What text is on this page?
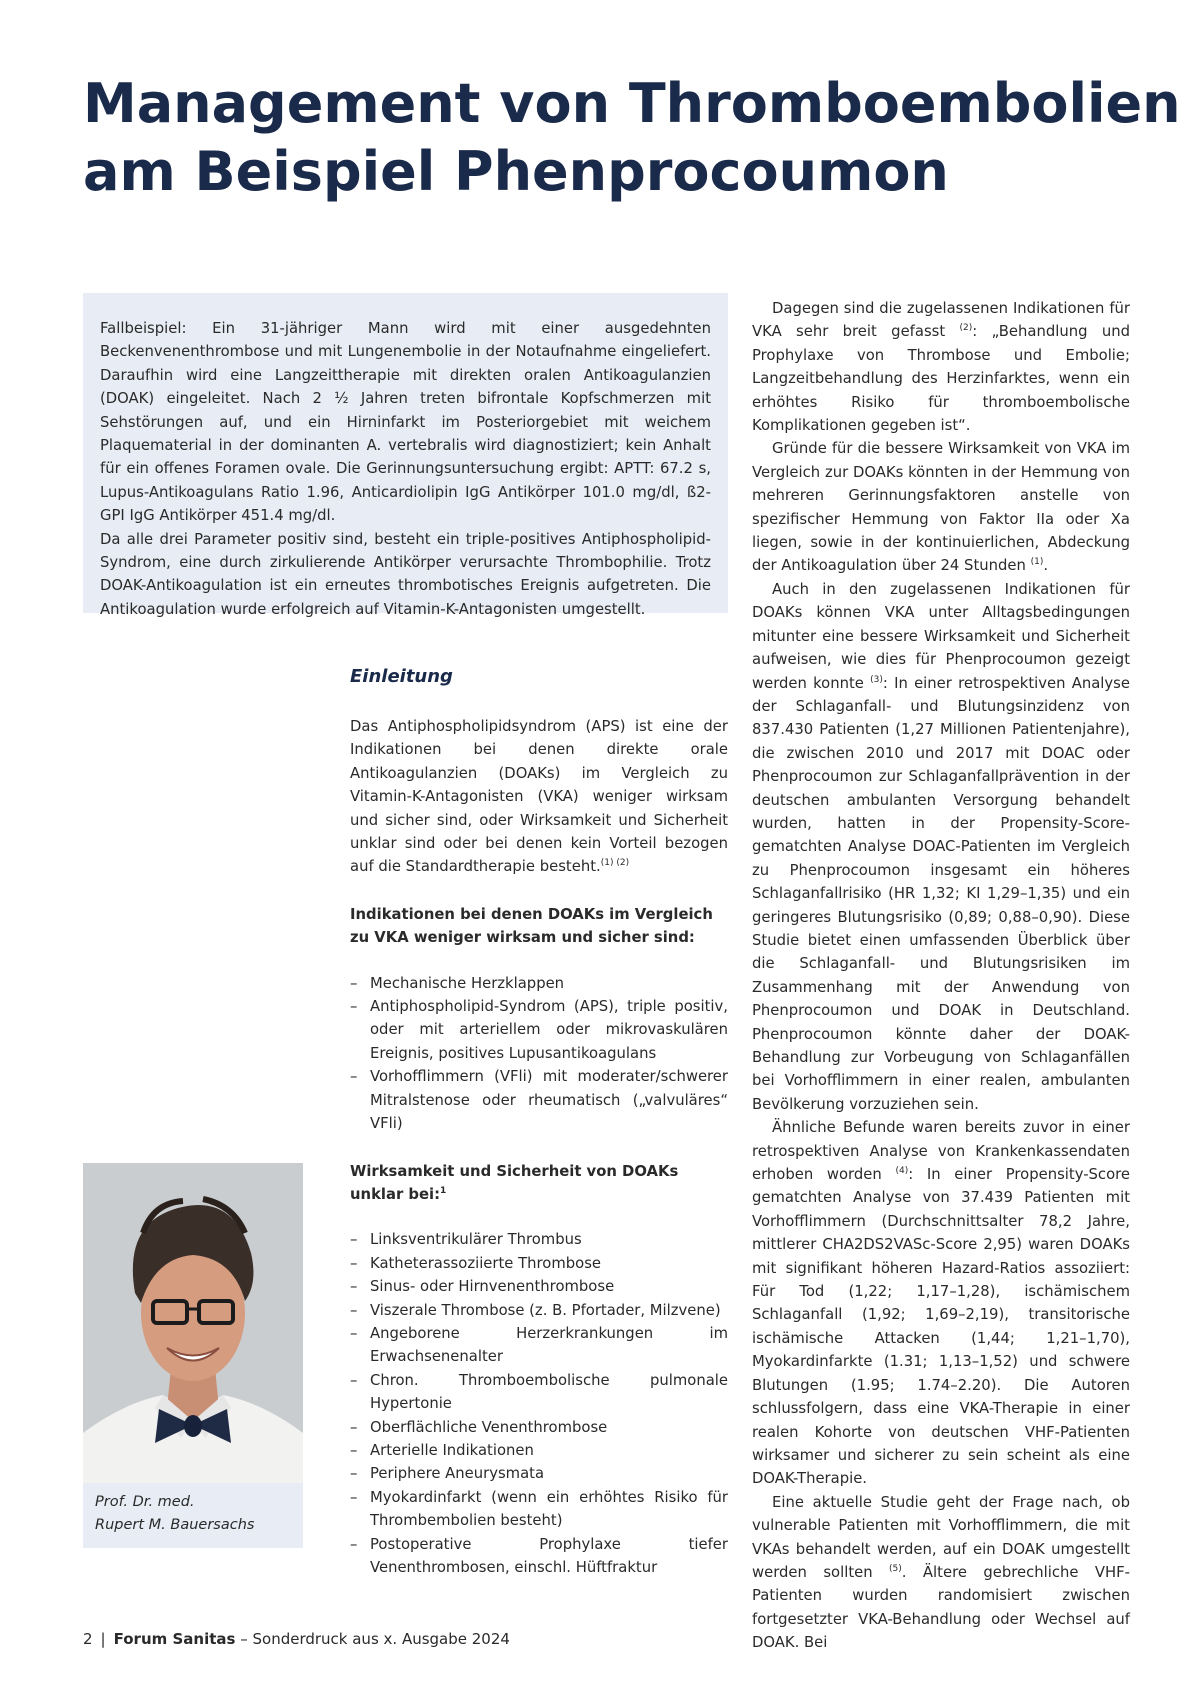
Management von Thromboembolien
am Beispiel Phenprocoumon

Fallbeispiel: Ein 31-jähriger Mann wird mit einer ausgedehnten Beckenvenenthrombose und mit Lungenembolie in der Notaufnahme eingeliefert. Daraufhin wird eine Langzeittherapie mit direkten oralen Antikoagulanzien (DOAK) eingeleitet. Nach 2 ½ Jahren treten bifrontale Kopfschmerzen mit Sehstörungen auf, und ein Hirninfarkt im Posteriorgebiet mit weichem Plaquematerial in der dominanten A. vertebralis wird diagnostiziert; kein Anhalt für ein offenes Foramen ovale. Die Gerinnungsuntersuchung ergibt: APTT: 67.2 s, Lupus-Antikoagulans Ratio 1.96, Anticardiolipin IgG Antikörper 101.0 mg/dl, ß2-GPI IgG Antikörper 451.4 mg/dl.

Da alle drei Parameter positiv sind, besteht ein triple-positives Antiphospholipid-Syndrom, eine durch zirkulierende Antikörper verursachte Thrombophilie. Trotz DOAK-Antikoagulation ist ein erneutes thrombotisches Ereignis aufgetreten. Die Antikoagulation wurde erfolgreich auf Vitamin-K-Antagonisten umgestellt.

Einleitung

Das Antiphospholipidsyndrom (APS) ist eine der Indikationen bei denen direkte orale Antikoagulanzien (DOAKs) im Vergleich zu Vitamin-K-Antagonisten (VKA) weniger wirksam und sicher sind, oder Wirksamkeit und Sicherheit unklar sind oder bei denen kein Vorteil bezogen auf die Standardtherapie besteht.$^{(1) (2)}$

Indikationen bei denen DOAKs im Vergleich zu VKA weniger wirksam und sicher sind:

– Mechanische Herzklappen
– Antiphospholipid-Syndrom (APS), triple positiv, oder mit arteriellem oder mikrovaskulären Ereignis, positives Lupusantikoagulans
– Vorhofflimmern (VFli) mit moderater/schwerer Mitralstenose oder rheumatisch („valvuläres“ VFli)

Wirksamkeit und Sicherheit von DOAKs unklar bei:$^1$

– Linksventrikulärer Thrombus
– Katheterassoziierte Thrombose
– Sinus- oder Hirnvenenthrombose
– Viszerale Thrombose (z. B. Pfortader, Milzvene)
– Angeborene Herzerkrankungen im Erwachsenenalter
– Chron. Thromboembolische pulmonale Hypertonie
– Oberflächliche Venenthrombose
– Arterielle Indikationen
– Periphere Aneurysmata
– Myokardinfarkt (wenn ein erhöhtes Risiko für Thrombembolien besteht)
– Postoperative Prophylaxe tiefer Venenthrombosen, einschl. Hüftfraktur

Dagegen sind die zugelassenen Indikationen für VKA sehr breit gefasst $^{(2)}$: „Behandlung und Prophylaxe von Thrombose und Embolie; Langzeitbehandlung des Herzinfarktes, wenn ein erhöhtes Risiko für thromboembolische Komplikationen gegeben ist“.

Gründe für die bessere Wirksamkeit von VKA im Vergleich zur DOAKs könnten in der Hemmung von mehreren Gerinnungsfaktoren anstelle von spezifischer Hemmung von Faktor IIa oder Xa liegen, sowie in der kontinuierlichen, Abdeckung der Antikoagulation über 24 Stunden $^{(1)}$.

Auch in den zugelassenen Indikationen für DOAKs können VKA unter Alltagsbedingungen mitunter eine bessere Wirksamkeit und Sicherheit aufweisen, wie dies für Phenprocoumon gezeigt werden konnte $^{(3)}$: In einer retrospektiven Analyse der Schlaganfall- und Blutungsinzidenz von 837.430 Patienten (1,27 Millionen Patientenjahre), die zwischen 2010 und 2017 mit DOAC oder Phenprocoumon zur Schlaganfallprävention in der deutschen ambulanten Versorgung behandelt wurden, hatten in der Propensity-Score-gematchten Analyse DOAC-Patienten im Vergleich zu Phenprocoumon insgesamt ein höheres Schlaganfallrisiko (HR 1,32; KI 1,29–1,35) und ein geringeres Blutungsrisiko (0,89; 0,88–0,90). Diese Studie bietet einen umfassenden Überblick über die Schlaganfall- und Blutungsrisiken im Zusammenhang mit der Anwendung von Phenprocoumon und DOAK in Deutschland. Phenprocoumon könnte daher der DOAK-Behandlung zur Vorbeugung von Schlaganfällen bei Vorhofflimmern in einer realen, ambulanten Bevölkerung vorzuziehen sein.

Ähnliche Befunde waren bereits zuvor in einer retrospektiven Analyse von Krankenkassendaten erhoben worden $^{(4)}$: In einer Propensity-Score gematchten Analyse von 37.439 Patienten mit Vorhofflimmern (Durchschnittsalter 78,2 Jahre, mittlerer CHA2DS2VASc-Score 2,95) waren DOAKs mit signifikant höheren Hazard-Ratios assoziiert: Für Tod (1,22; 1,17–1,28), ischämischem Schlaganfall (1,92; 1,69–2,19), transitorische ischämische Attacken (1,44; 1,21–1,70), Myokardinfarkte (1.31; 1,13–1,52) und schwere Blutungen (1.95; 1.74–2.20). Die Autoren schlussfolgern, dass eine VKA-Therapie in einer realen Kohorte von deutschen VHF-Patienten wirksamer und sicherer zu sein scheint als eine DOAK-Therapie.

Eine aktuelle Studie geht der Frage nach, ob vulnerable Patienten mit Vorhofflimmern, die mit VKAs behandelt werden, auf ein DOAK umgestellt werden sollten $^{(5)}$. Ältere gebrechliche VHF-Patienten wurden randomisiert zwischen fortgesetzter VKA-Behandlung oder Wechsel auf DOAK. Bei

Prof. Dr. med.
Rupert M. Bauersachs
2 | Forum Sanitas – Sonderdruck aus x. Ausgabe 2024
